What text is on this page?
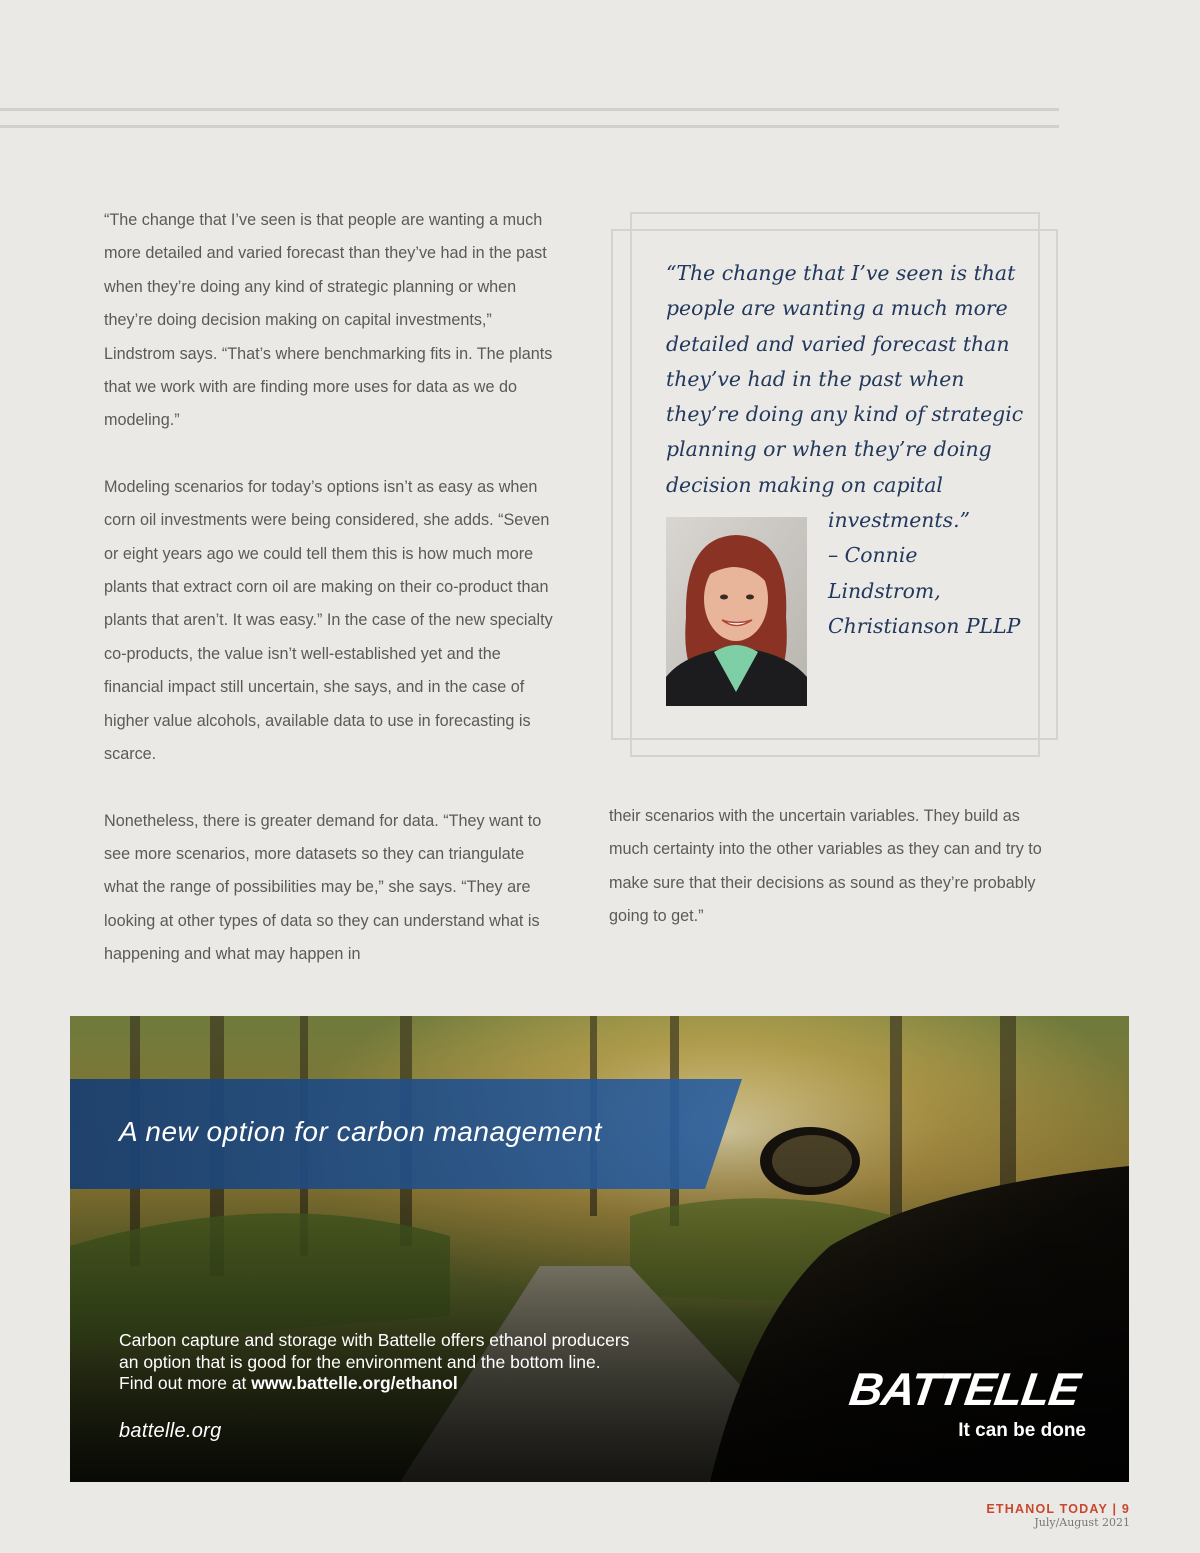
“The change that I’ve seen is that people are wanting a much more detailed and varied forecast than they’ve had in the past when they’re doing any kind of strategic planning or when they’re doing decision making on capital investments,” Lindstrom says. “That’s where benchmarking fits in. The plants that we work with are finding more uses for data as we do modeling.”

Modeling scenarios for today’s options isn’t as easy as when corn oil investments were being considered, she adds. “Seven or eight years ago we could tell them this is how much more plants that extract corn oil are making on their co-product than plants that aren’t. It was easy.” In the case of the new specialty co-products, the value isn’t well-established yet and the financial impact still uncertain, she says, and in the case of higher value alcohols, available data to use in forecasting is scarce.

Nonetheless, there is greater demand for data. “They want to see more scenarios, more datasets so they can triangulate what the range of possibilities may be,” she says. “They are looking at other types of data so they can understand what is happening and what may happen in

“The change that I’ve seen is that people are wanting a much more detailed and varied forecast than they’ve had in the past when they’re doing any kind of strategic planning or when they’re doing decision making on capital
investments.”
– Connie Lindstrom, Christianson PLLP

their scenarios with the uncertain variables. They build as much certainty into the other variables as they can and try to make sure that their decisions as sound as they’re probably going to get.”

A new option for carbon management
Carbon capture and storage with Battelle offers ethanol producers
an option that is good for the environment and the bottom line.
Find out more at www.battelle.org/ethanol
battelle.org
BATTELLE
It can be done
ETHANOL TODAY | 9
July/August 2021
